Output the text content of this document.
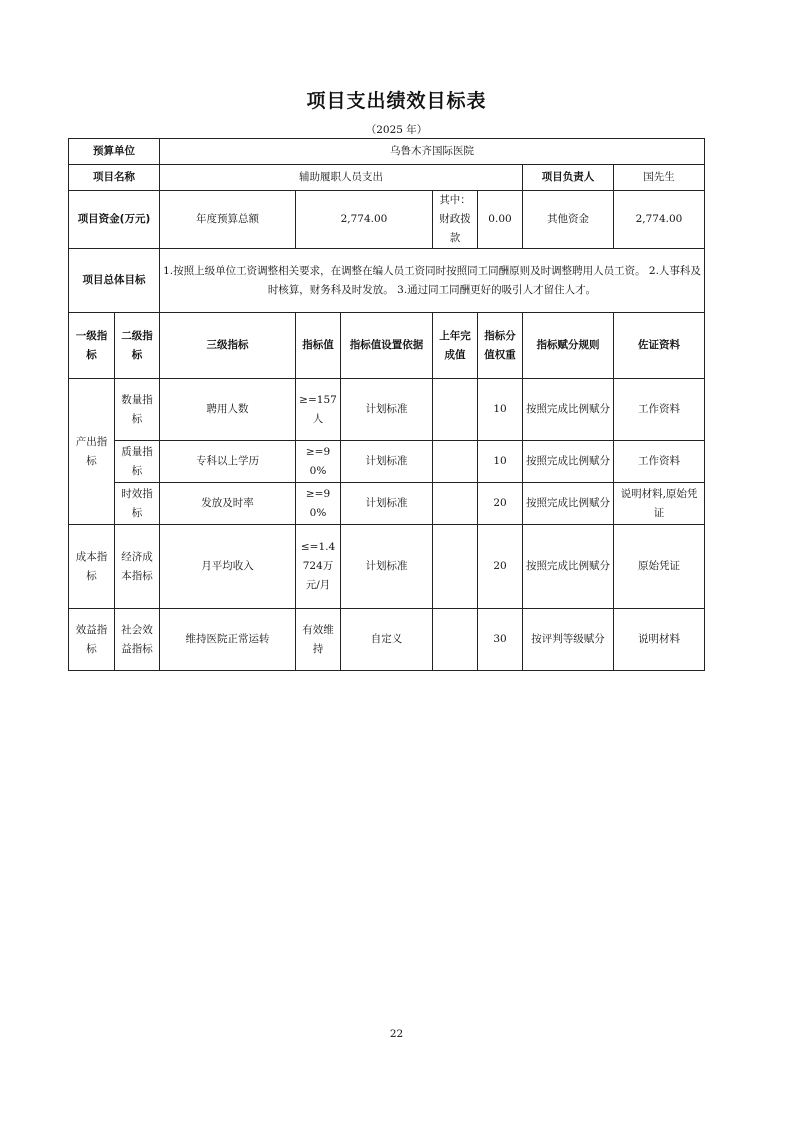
项目支出绩效目标表
（2025 年）
预算单位		乌鲁木齐国际医院						
项目名称		辅助履职人员支出					项目负责人	国先生
项目资金(万元)		年度预算总额	2,774.00		其中：财政拨款	0.00	其他资金	2,774.00
项目总体目标		1.按照上级单位工资调整相关要求，在调整在编人员工资同时按照同工同酬原则及时调整聘用人员工资。 2.人事科及时核算，财务科及时发放。 3.通过同工同酬更好的吸引人才留住人才。						
一级指标	二级指标	三级指标	指标值	指标值设置依据	上年完成值	指标分值权重	指标赋分规则	佐证资料
产出指标	数量指标	聘用人数	≥=157人	计划标准		10	按照完成比例赋分	工作资料
	质量指标	专科以上学历	≥=90%	计划标准		10	按照完成比例赋分	工作资料
	时效指标	发放及时率	≥=90%	计划标准		20	按照完成比例赋分	说明材料,原始凭证
成本指标	经济成本指标	月平均收入	≤=1.4724万元/月	计划标准		20	按照完成比例赋分	原始凭证
效益指标	社会效益指标	维持医院正常运转	有效维持	自定义		30	按评判等级赋分	说明材料
22
